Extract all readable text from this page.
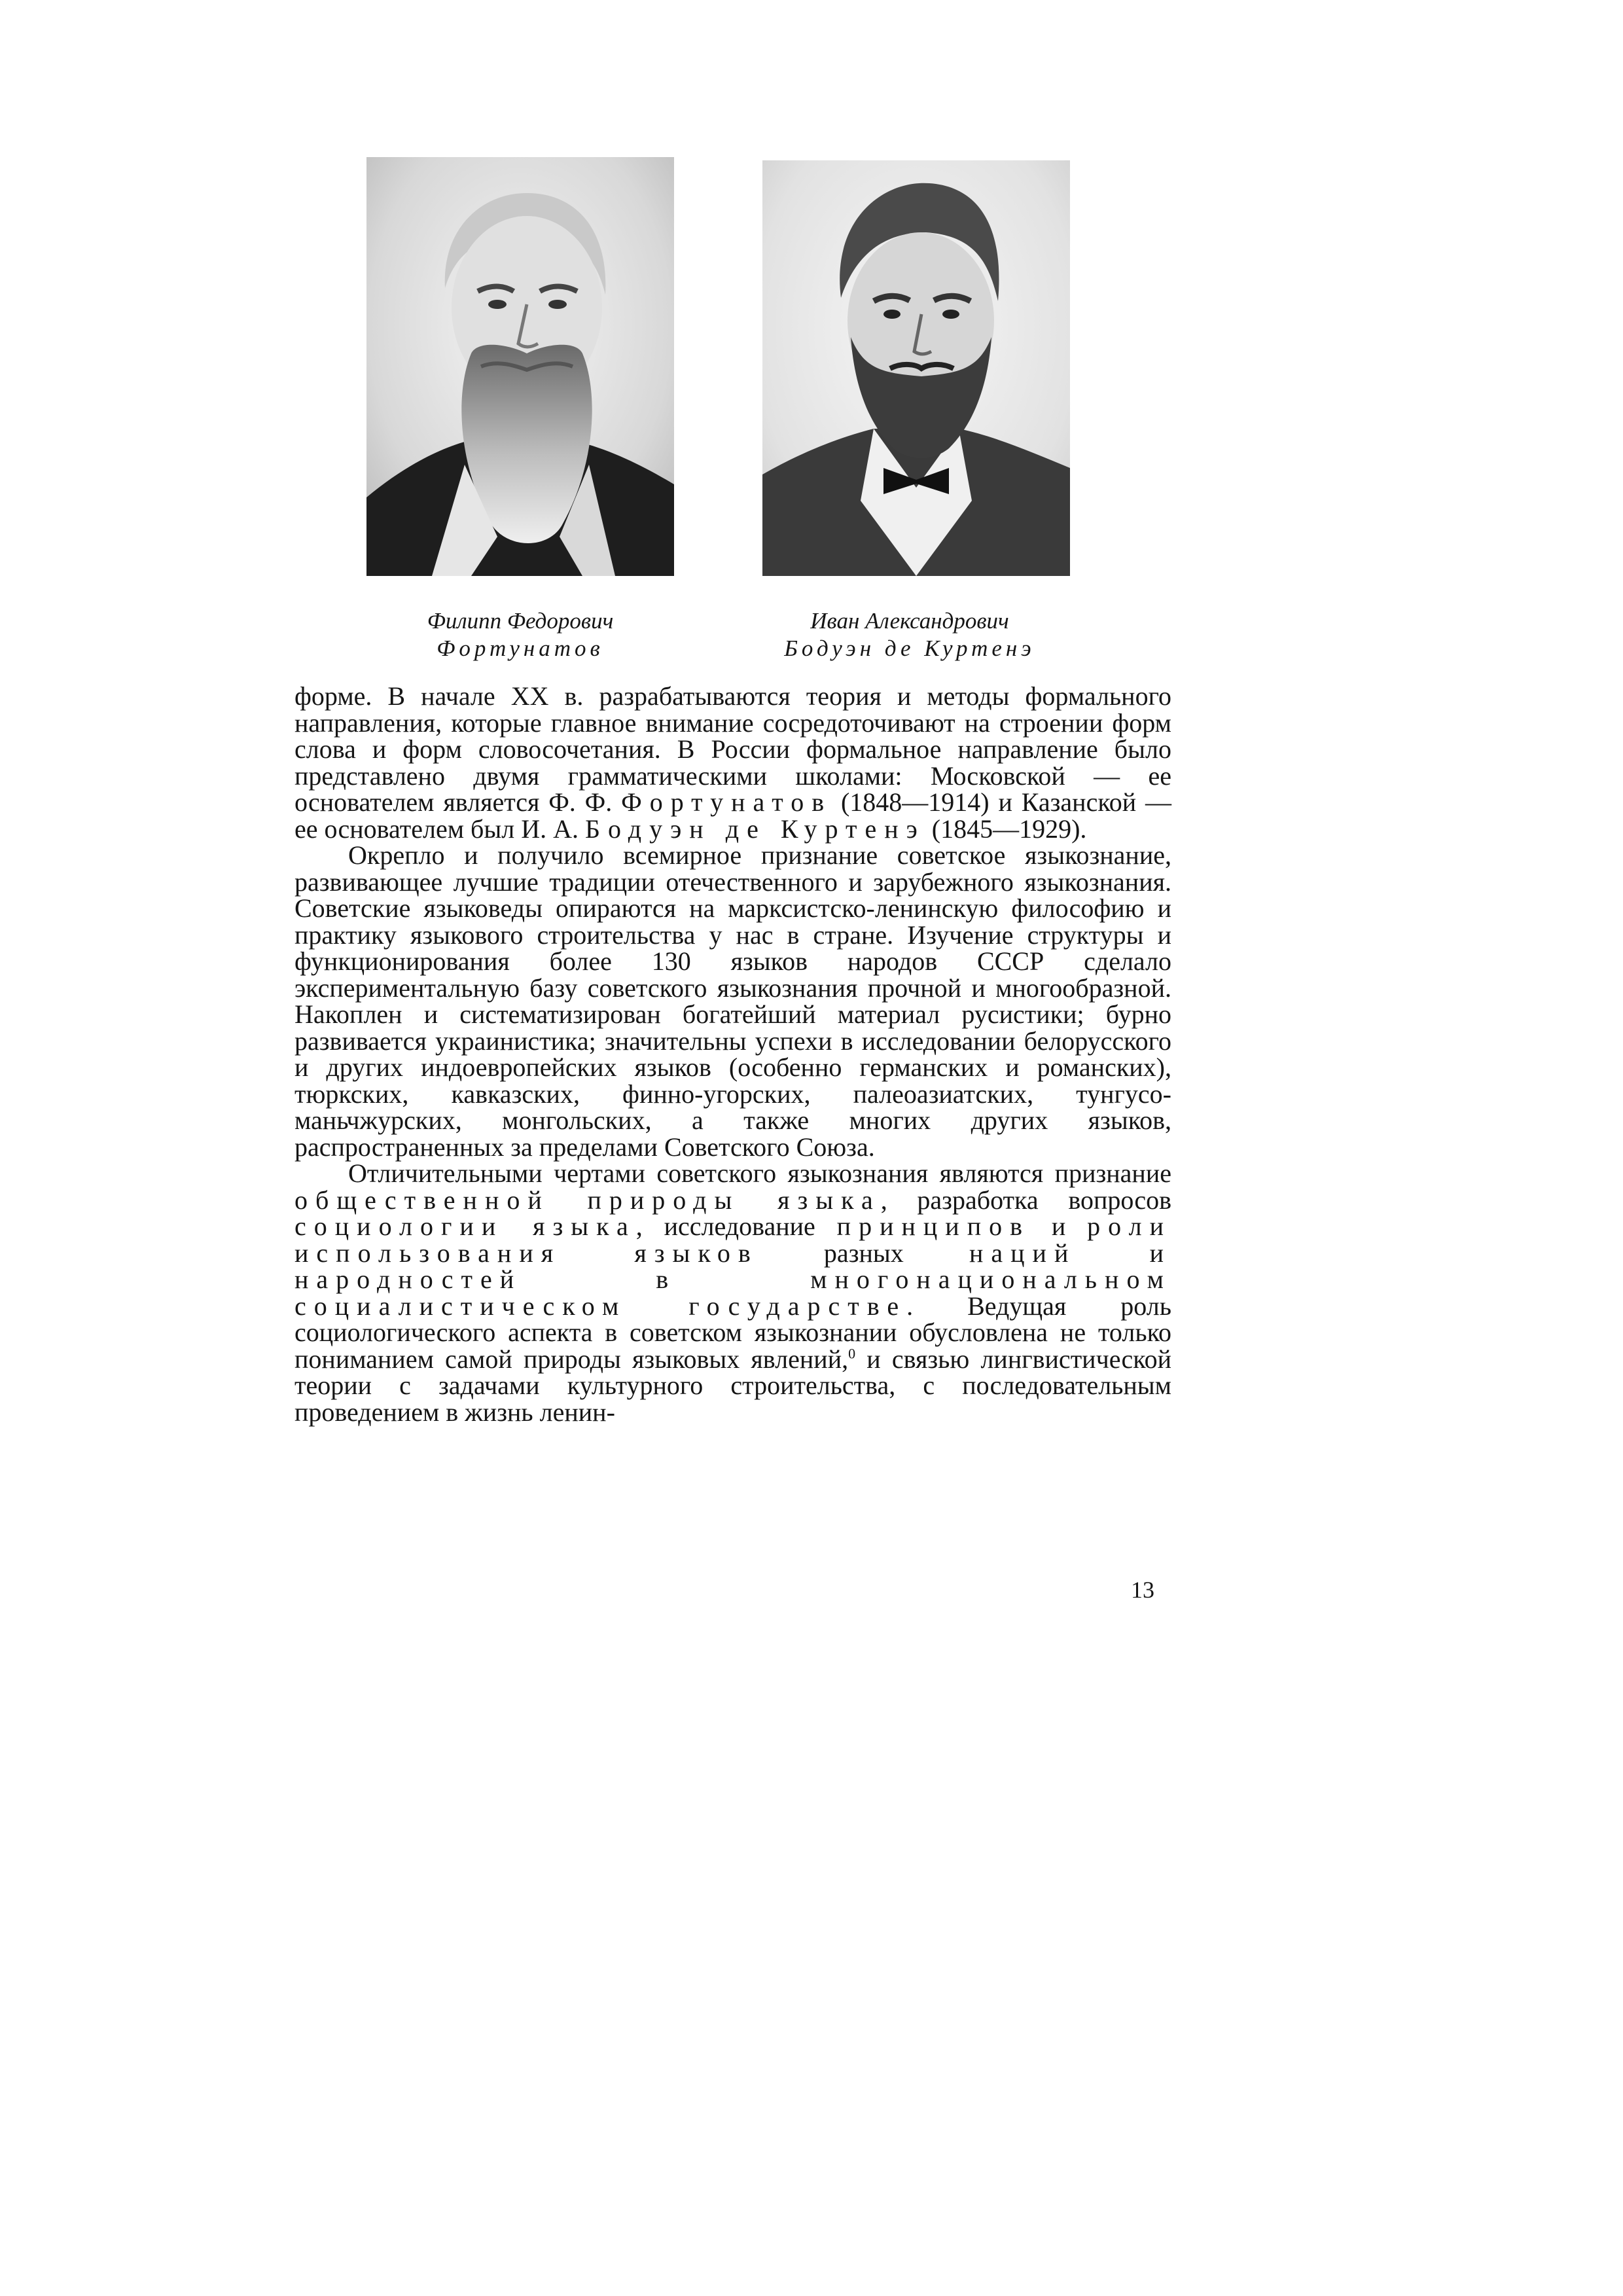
Филипп Федорович
Фортунатов
Иван Александрович
Бодуэн де Куртенэ

форме. В начале XX в. разрабатываются теория и методы формального направления, которые главное внимание сосредоточивают на строении форм слова и форм словосочетания. В России формальное направление было представлено двумя грамматическими школами: Московской — ее основателем является Ф. Ф. Фортунатов (1848—1914) и Казанской — ее основателем был И. А. Бодуэн де Куртенэ (1845—1929).

Окрепло и получило всемирное признание советское языкознание, развивающее лучшие традиции отечественного и зарубежного языкознания. Советские языковеды опираются на марксистско-ленинскую философию и практику языкового строительства у нас в стране. Изучение структуры и функционирования более 130 языков народов СССР сделало экспериментальную базу советского языкознания прочной и многообразной. Накоплен и систематизирован богатейший материал русистики; бурно развивается украинистика; значительны успехи в исследовании белорусского и других индоевропейских языков (особенно германских и романских), тюркских, кавказских, финно-угорских, палеоазиатских, тунгусо-маньчжурских, монгольских, а также многих других языков, распространенных за пределами Советского Союза.

Отличительными чертами советского языкознания являются признание общественной природы языка, разработка вопросов социологии языка, исследование принципов и роли использования языков разных наций и народностей в многонациональном социалистическом государстве. Ведущая роль социологического аспекта в советском языкознании обусловлена не только пониманием самой природы языковых явлений,$^0$ и связью лингвистической теории с задачами культурного строительства, с последовательным проведением в жизнь ленин-

13
